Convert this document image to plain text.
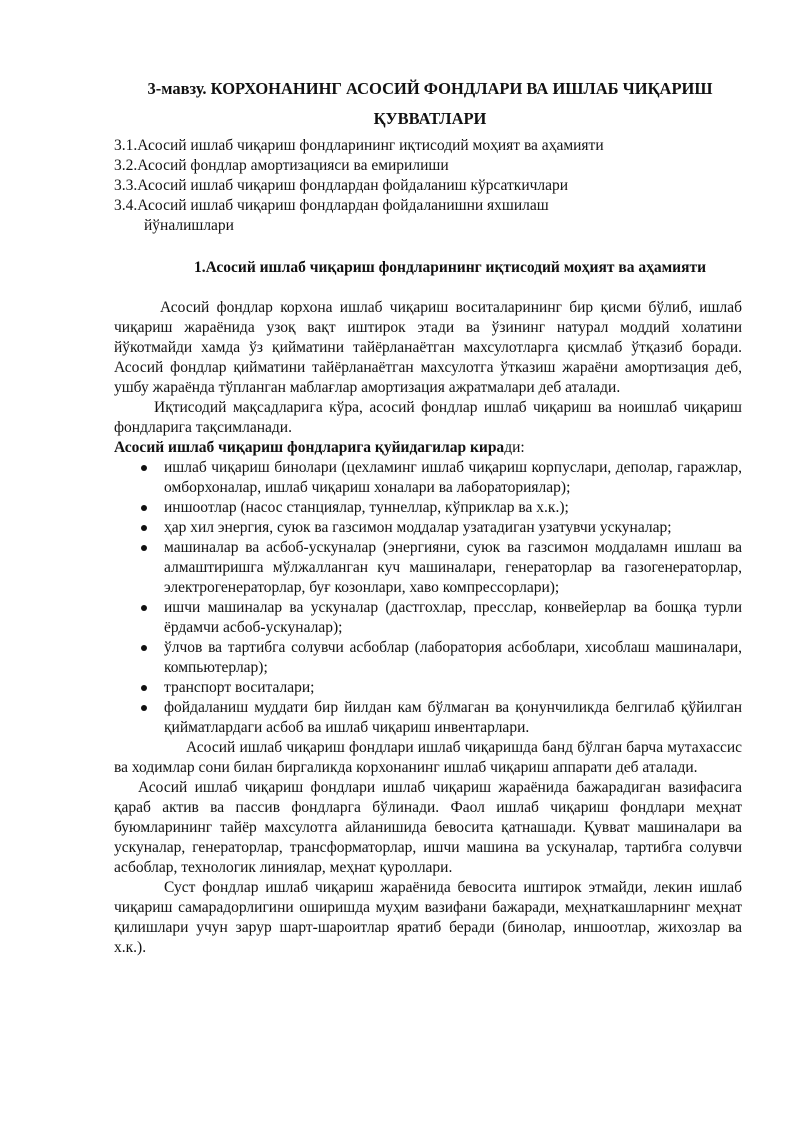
3-мавзу. КОРХОНАНИНГ АСОСИЙ ФОНДЛАРИ ВА ИШЛАБ ЧИҚАРИШ
ҚУВВАТЛАРИ
3.1.Асосий ишлаб чиқариш фондларининг иқтисодий моҳият ва аҳамияти
3.2.Асосий фондлар амортизацияси ва емирилиши
3.3.Асосий ишлаб чиқариш фондлардан фойдаланиш кўрсаткичлари
3.4.Асосий ишлаб чиқариш фондлардан фойдаланишни яхшилаш
йўналишлари
1.Асосий ишлаб чиқариш фондларининг иқтисодий моҳият ва аҳамияти

Асосий фондлар корхона ишлаб чиқариш воситаларининг бир қисми бўлиб, ишлаб чиқариш жараёнида узоқ вақт иштирок этади ва ўзининг натурал моддий холатини йўкотмайди хамда ўз қийматини тайёрланаётган махсулотларга қисмлаб ўтқазиб боради. Асосий фондлар қийматини тайёрланаётган махсулотга ўтказиш жараёни амортизация деб, ушбу жараёнда тўпланган маблағлар амортизация ажратмалари деб аталади.

Иқтисодий мақсадларига кўра, асосий фондлар ишлаб чиқариш ва ноишлаб чиқариш фондларига тақсимланади.

Асосий ишлаб чиқариш фондларига қуйидагилар киради:

ишлаб чиқариш бинолари (цехламинг ишлаб чиқариш корпуслари, деполар, гаражлар, омборхоналар, ишлаб чиқариш хоналари ва лабораториялар);
иншоотлар (насос станциялар, туннеллар, кўприклар ва х.к.);
ҳар хил энергия, суюк ва газсимон моддалар узатадиган узатувчи ускуналар;
машиналар ва асбоб-ускуналар (энергияни, суюк ва газсимон моддаламн ишлаш ва алмаштиришга мўлжалланган куч машиналари, генераторлар ва газогенераторлар, электрогенераторлар, буғ козонлари, хаво компрессорлари);
ишчи машиналар ва ускуналар (дастгохлар, пресслар, конвейерлар ва бошқа турли ёрдамчи асбоб-ускуналар);
ўлчов ва тартибга солувчи асбоблар (лаборатория асбоблари, хисоблаш машиналари, компьютерлар);
транспорт воситалари;
фойдаланиш муддати бир йилдан кам бўлмаган ва қонунчиликда белгилаб қўйилган қийматлардаги асбоб ва ишлаб чиқариш инвентарлари.

Асосий ишлаб чиқариш фондлари ишлаб чиқаришда банд бўлган барча мутахассис ва ходимлар сони билан биргаликда корхонанинг ишлаб чиқариш аппарати деб аталади.

Асосий ишлаб чиқариш фондлари ишлаб чиқариш жараёнида бажарадиган вазифасига қараб актив ва пассив фондларга бўлинади. Фаол ишлаб чиқариш фондлари меҳнат буюмларининг тайёр махсулотга айланишида бевосита қатнашади. Қувват машиналари ва ускуналар, генераторлар, трансформаторлар, ишчи машина ва ускуналар, тартибга солувчи асбоблар, технологик линиялар, меҳнат қуроллари.

Суст фондлар ишлаб чиқариш жараёнида бевосита иштирок этмайди, лекин ишлаб чиқариш самарадорлигини оширишда муҳим вазифани бажаради, меҳнаткашларнинг меҳнат қилишлари учун зарур шарт-шароитлар яратиб беради (бинолар, иншоотлар, жихозлар ва х.к.).
